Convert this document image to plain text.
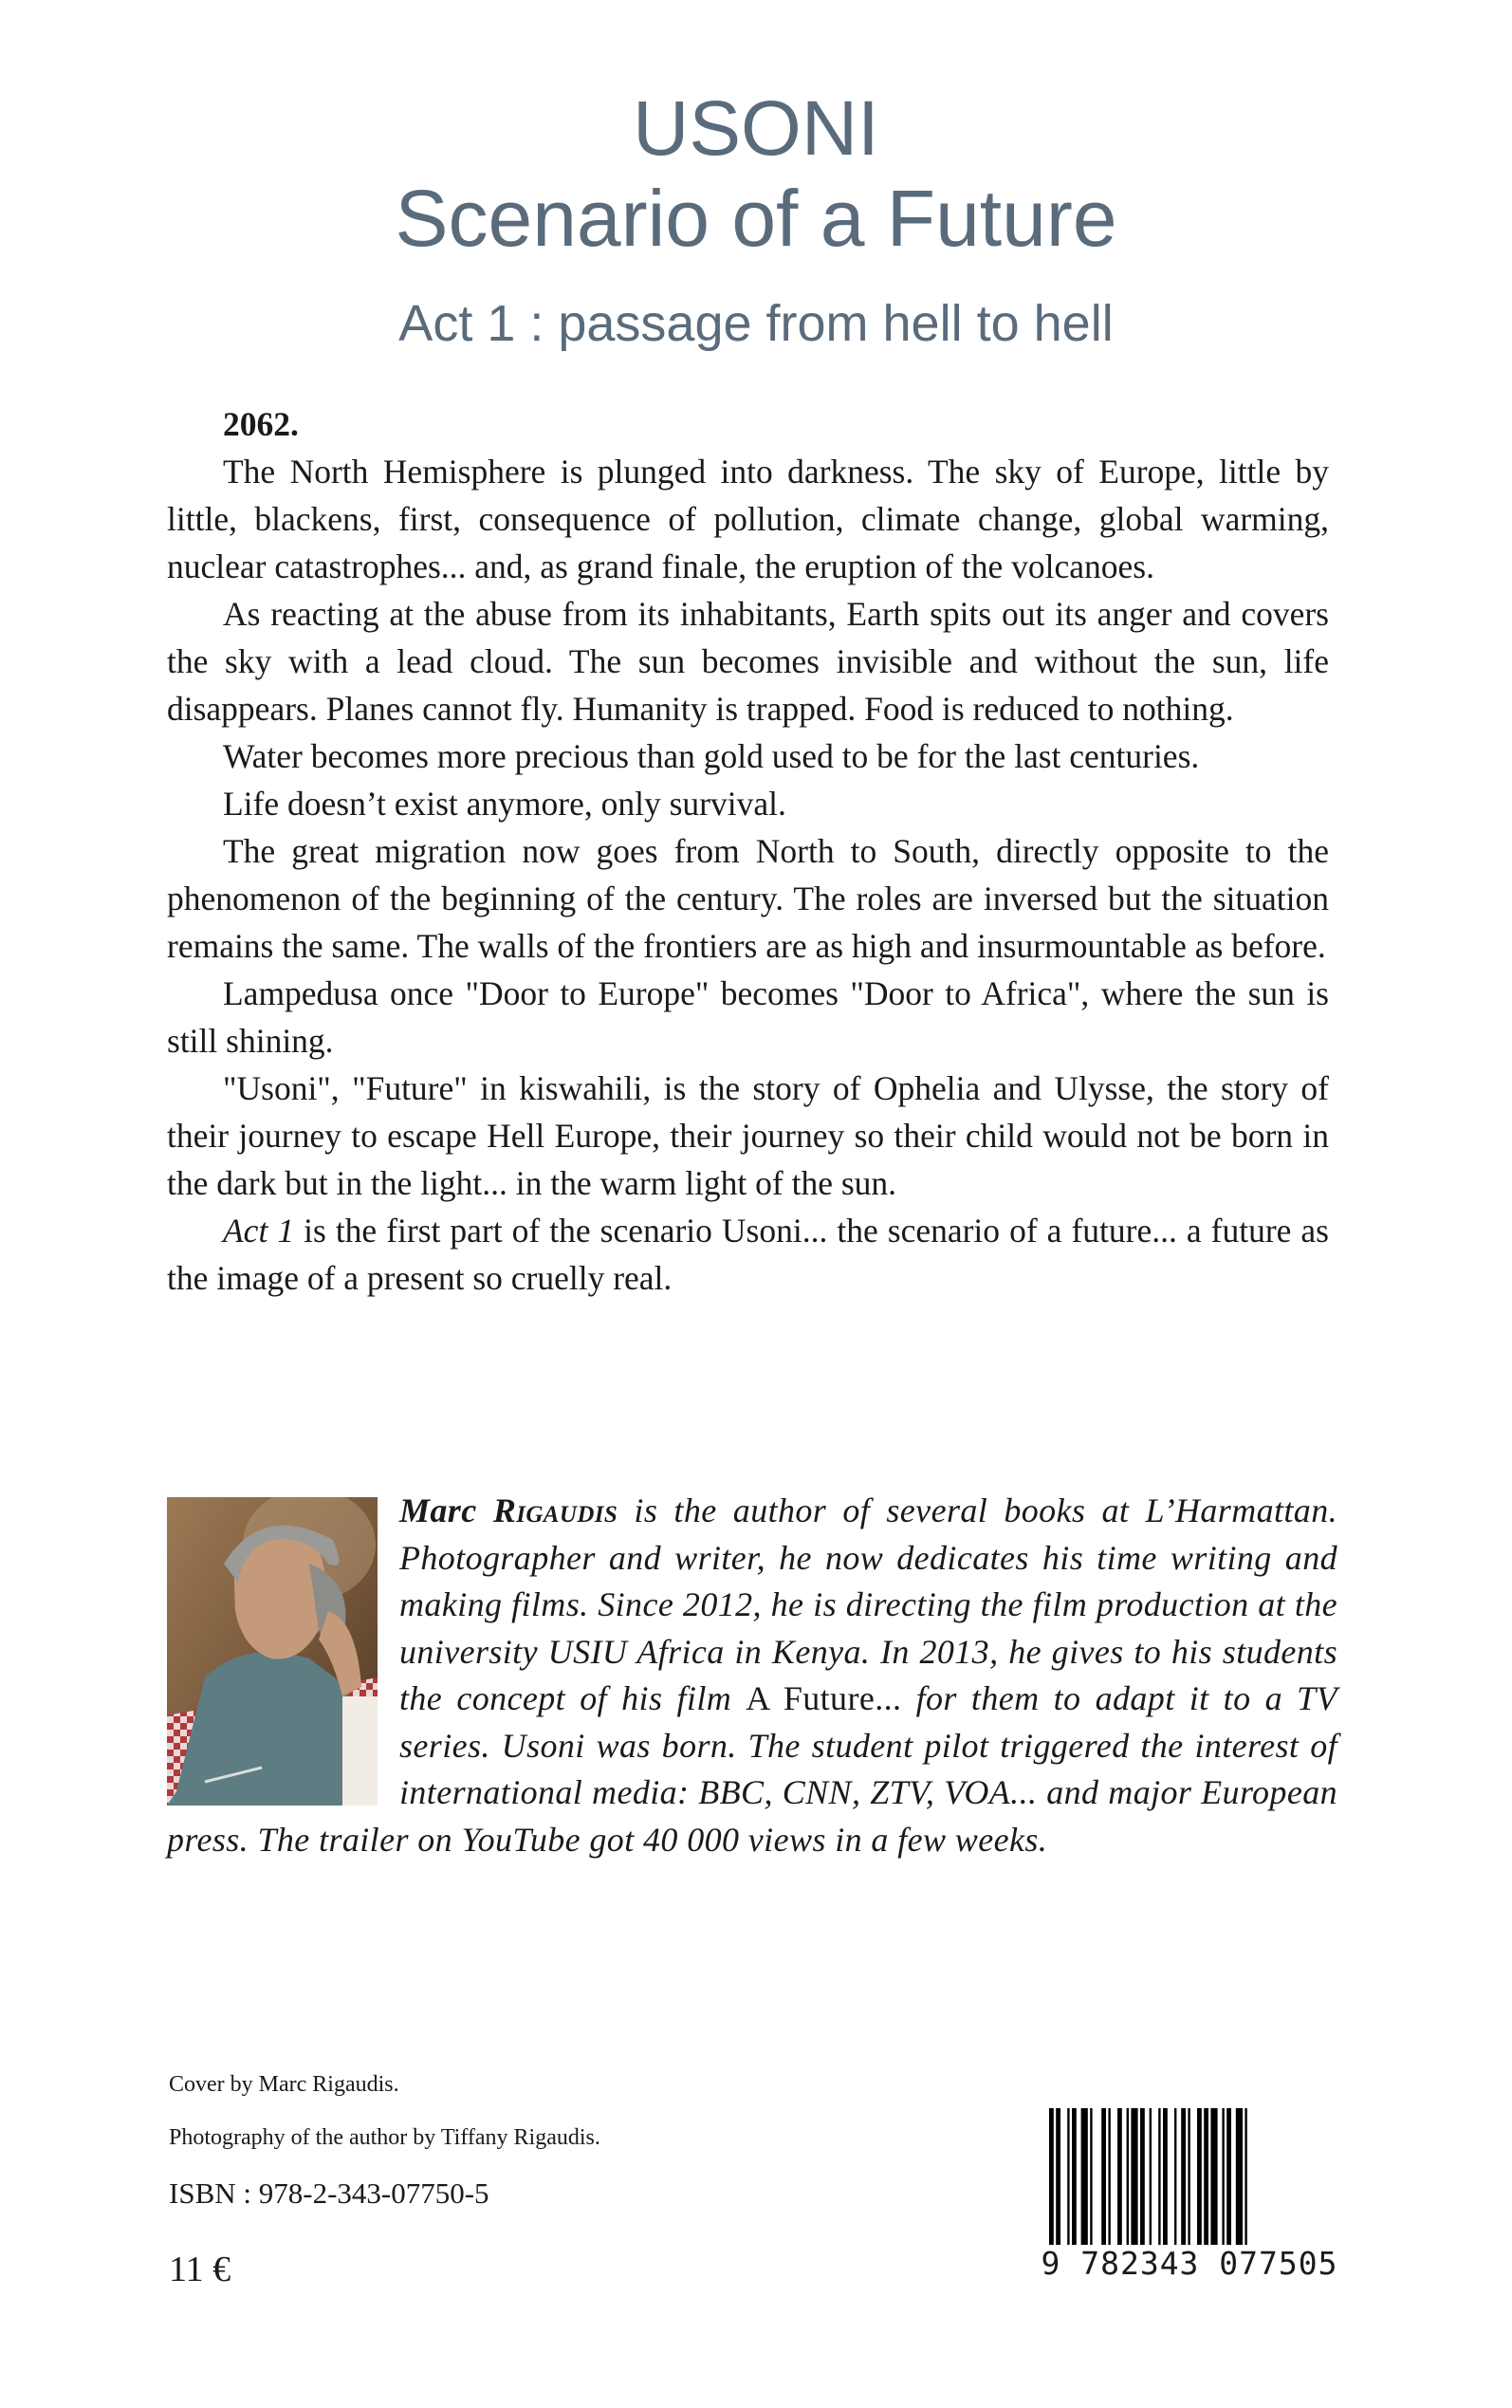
USONI
Scenario of a Future
Act 1 : passage from hell to hell

2062.

The North Hemisphere is plunged into darkness. The sky of Europe, little by little, blackens, first, consequence of pollution, climate change, global warming, nuclear catastrophes... and, as grand finale, the eruption of the volcanoes.

As reacting at the abuse from its inhabitants, Earth spits out its anger and covers the sky with a lead cloud. The sun becomes invisible and without the sun, life disappears. Planes cannot fly. Humanity is trapped. Food is reduced to nothing.

Water becomes more precious than gold used to be for the last centuries.

Life doesn’t exist anymore, only survival.

The great migration now goes from North to South, directly opposite to the phenomenon of the beginning of the century. The roles are inversed but the situation remains the same. The walls of the frontiers are as high and insurmountable as before.

Lampedusa once "Door to Europe" becomes "Door to Africa", where the sun is still shining.

"Usoni", "Future" in kiswahili, is the story of Ophelia and Ulysse, the story of their journey to escape Hell Europe, their journey so their child would not be born in the dark but in the light... in the warm light of the sun.

Act 1 is the first part of the scenario Usoni... the scenario of a future... a future as the image of a present so cruelly real.

Marc Rigaudis is the author of several books at L’Harmattan. Photographer and writer, he now dedicates his time writing and making films. Since 2012, he is directing the film production at the university USIU Africa in Kenya. In 2013, he gives to his students the concept of his film A Future... for them to adapt it to a TV series. Usoni was born. The student pilot triggered the interest of international media: BBC, CNN, ZTV, VOA... and major European press. The trailer on YouTube got 40 000 views in a few weeks.
Cover by Marc Rigaudis.
Photography of the author by Tiffany Rigaudis.
ISBN : 978-2-343-07750-5
11 €	9 782343 077505
